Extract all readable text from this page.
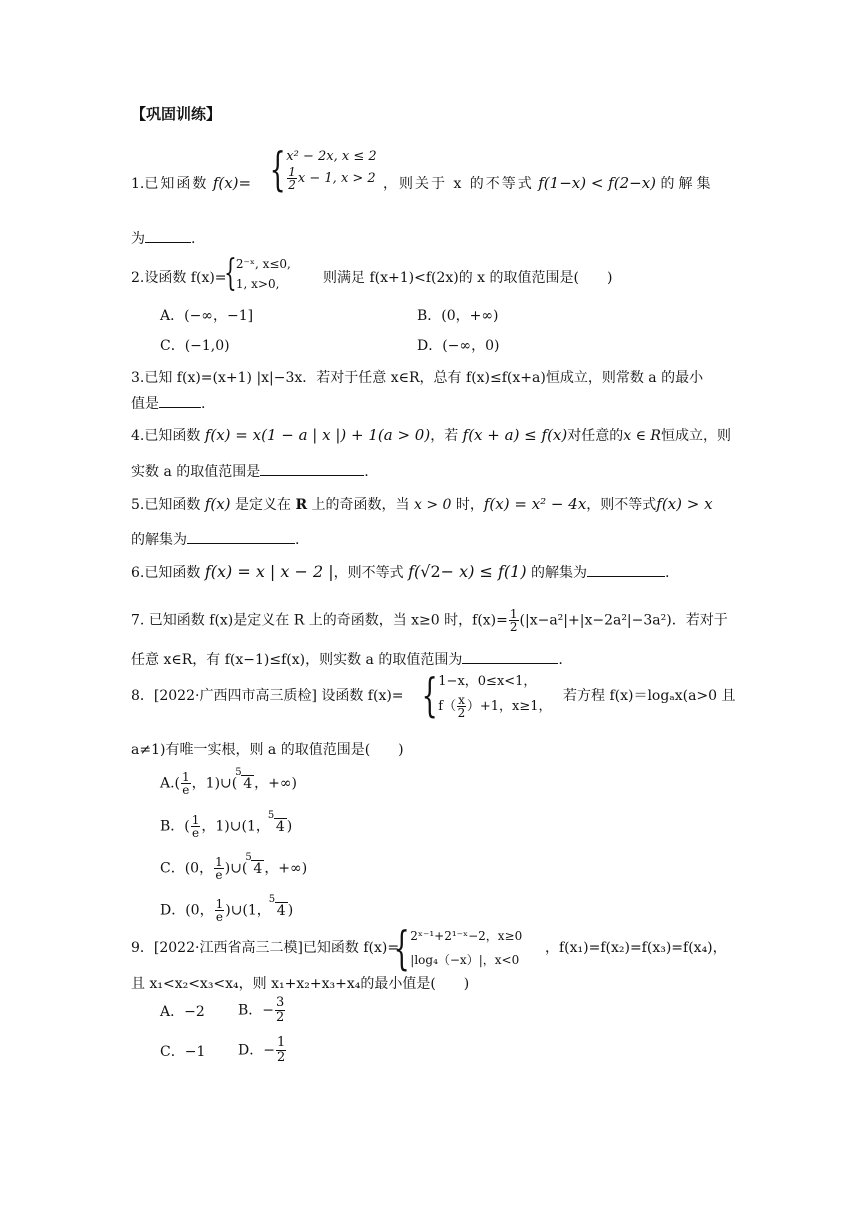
【巩固训练】
1.已知函数 f(x)= { x² − 2x, x ≤ 2
$\frac{1}{2}$ x − 1, x > 2 ，则关于 x 的不等式 f(1−x) < f(2−x) 的解集
为	.
2.设函数 f(x)=
{ 2⁻ˣ, x≤0,
1, x>0,	则满足 f(x+1)<f(2x)的 x 的取值范围是(　　)
A．(−∞，−1]	B．(0，+∞)
C．(−1,0)	D．(−∞，0)
3.已知 f(x)=(x+1) |x|−3x．若对于任意 x∈R，总有 f(x)≤f(x+a)恒成立，则常数 a 的最小
值是	.
4.已知函数 f(x) = x(1 − a | x |) + 1(a > 0)，若 f(x + a) ≤ f(x)对任意的x ∈ R恒成立，则
实数 a 的取值范围是	.
5.已知函数 f(x) 是定义在 R 上的奇函数，当 x > 0 时，f(x) = x² − 4x，则不等式f(x) > x
的解集为	.
6.已知函数 f(x) = x | x − 2 |，则不等式 f(√2− x) ≤ f(1) 的解集为	.
7. 已知函数 f(x)是定义在 R 上的奇函数，当 x≥0 时，$f(x)= \frac{1}{2} (|x-a^2|+|x-2a^2|-3a^2)$．若对于
任意 x∈R，有 f(x−1)≤f(x)，则实数 a 的取值范围为	.
8．[2022·广西四市高三质检] 设函数 f(x)= { 1−x，0≤x<1，
$f( \frac{x}{2} )+1$，x≥1，
若方程 f(x)＝logₐx(a>0 且
a≠1)有唯一实根，则 a 的取值范围是(　　)
$A.( \frac{1}{e}$ ，1)∪(
5
4 ，+∞)
B．( $\frac{1}{e}$ ，1)∪(1，
5
4 )
C．(0， $\frac{1}{e}$ )∪(
5
4 ，+∞)
D．(0， $\frac{1}{e}$ )∪(1，
5
4 )
9．[2022·江西省高三二模]已知函数 f(x)=
{ 2ˣ⁻¹+2¹⁻ˣ−2，x≥0
|log₄（−x）|，x<0
，f(x₁)=f(x₂)=f(x₃)=f(x₄)，
且 x₁<x₂<x₃<x₄，则 x₁+x₂+x₃+x₄的最小值是(　　)
A．−2 B．− $\frac{3}{2}$
C．−1 D．− $\frac{1}{2}$
